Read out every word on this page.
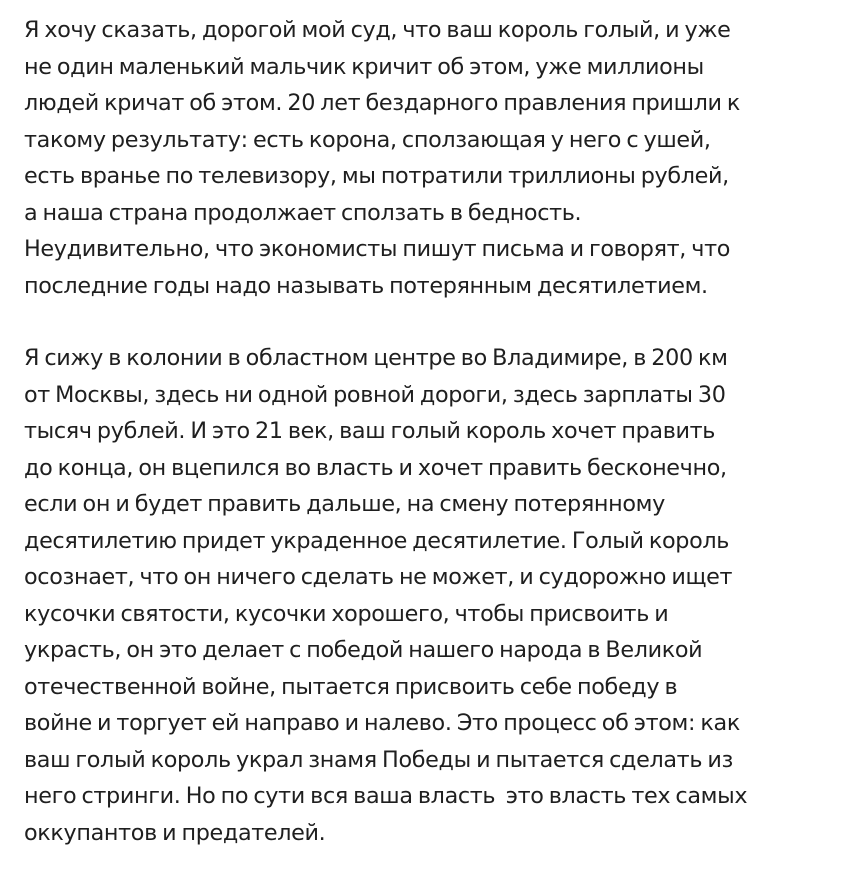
Я хочу сказать, дорогой мой суд, что ваш король голый, и уже
не один маленький мальчик кричит об этом, уже миллионы
людей кричат об этом. 20 лет бездарного правления пришли к
такому результату: есть корона, сползающая у него с ушей,
есть вранье по телевизору, мы потратили триллионы рублей,
а наша страна продолжает сползать в бедность.
Неудивительно, что экономисты пишут письма и говорят, что
последние годы надо называть потерянным десятилетием.
Я сижу в колонии в областном центре во Владимире, в 200 км
от Москвы, здесь ни одной ровной дороги, здесь зарплаты 30
тысяч рублей. И это 21 век, ваш голый король хочет править
до конца, он вцепился во власть и хочет править бесконечно,
если он и будет править дальше, на смену потерянному
десятилетию придет украденное десятилетие. Голый король
осознает, что он ничего сделать не может, и судорожно ищет
кусочки святости, кусочки хорошего, чтобы присвоить и
украсть, он это делает с победой нашего народа в Великой
отечественной войне, пытается присвоить себе победу в
войне и торгует ей направо и налево. Это процесс об этом: как
ваш голый король украл знамя Победы и пытается сделать из
него стринги. Но по сути вся ваша власть  это власть тех самых
оккупантов и предателей.
